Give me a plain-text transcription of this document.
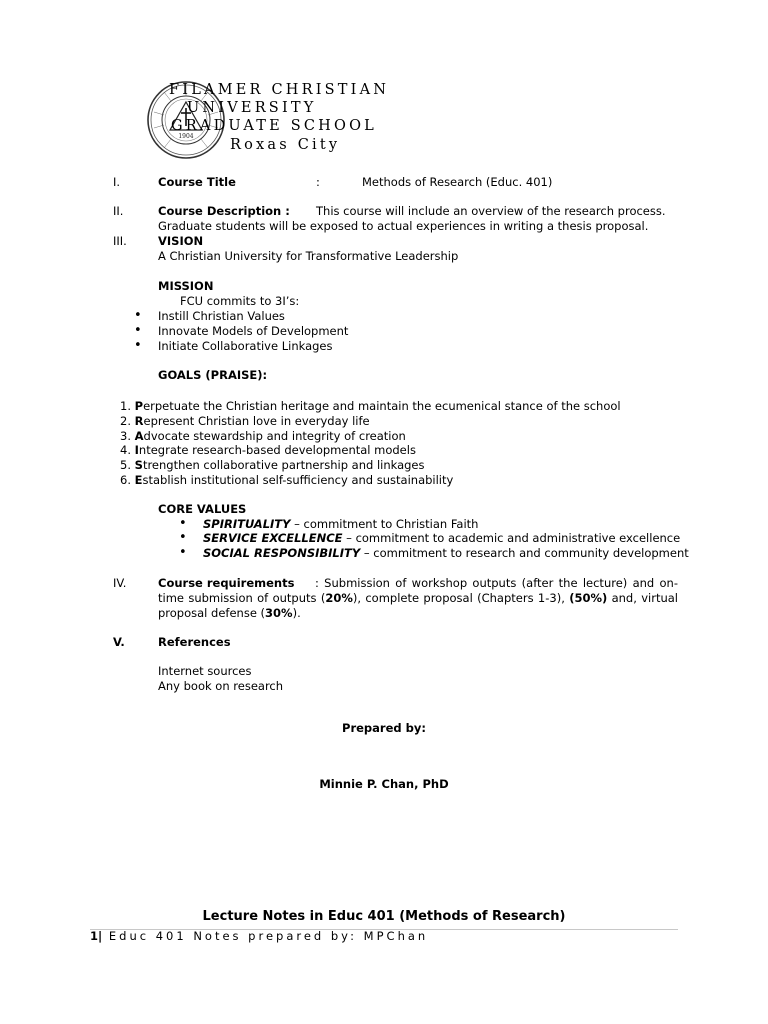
1904
FILAMER CHRISTIAN
UNIVERSITY
GRADUATE SCHOOL
Roxas City
I.	Course Title	:	Methods of Research (Educ. 401)
II.	Course Description : This course will include an overview of the research process. Graduate students will be exposed to actual experiences in writing a thesis proposal.
III.	VISION
A Christian University for Transformative Leadership
MISSION
FCU commits to 3I’s:
• Instill Christian Values
• Innovate Models of Development
• Initiate Collaborative Linkages
GOALS (PRAISE):
1. Perpetuate the Christian heritage and maintain the ecumenical stance of the school
2. Represent Christian love in everyday life
3. Advocate stewardship and integrity of creation
4. Integrate research-based developmental models
5. Strengthen collaborative partnership and linkages
6. Establish institutional self-sufficiency and sustainability
CORE VALUES
• SPIRITUALITY – commitment to Christian Faith
• SERVICE EXCELLENCE – commitment to academic and administrative excellence
• SOCIAL RESPONSIBILITY – commitment to research and community development
IV.	Course requirements : Submission of workshop outputs (after the lecture) and on-time submission of outputs (20%), complete proposal (Chapters 1-3), (50%) and, virtual proposal defense (30%).
V.	References
Internet sources
Any book on research
Prepared by:
Minnie P. Chan, PhD
Lecture Notes in Educ 401 (Methods of Research)
1| Educ 401 Notes prepared by: MPChan
